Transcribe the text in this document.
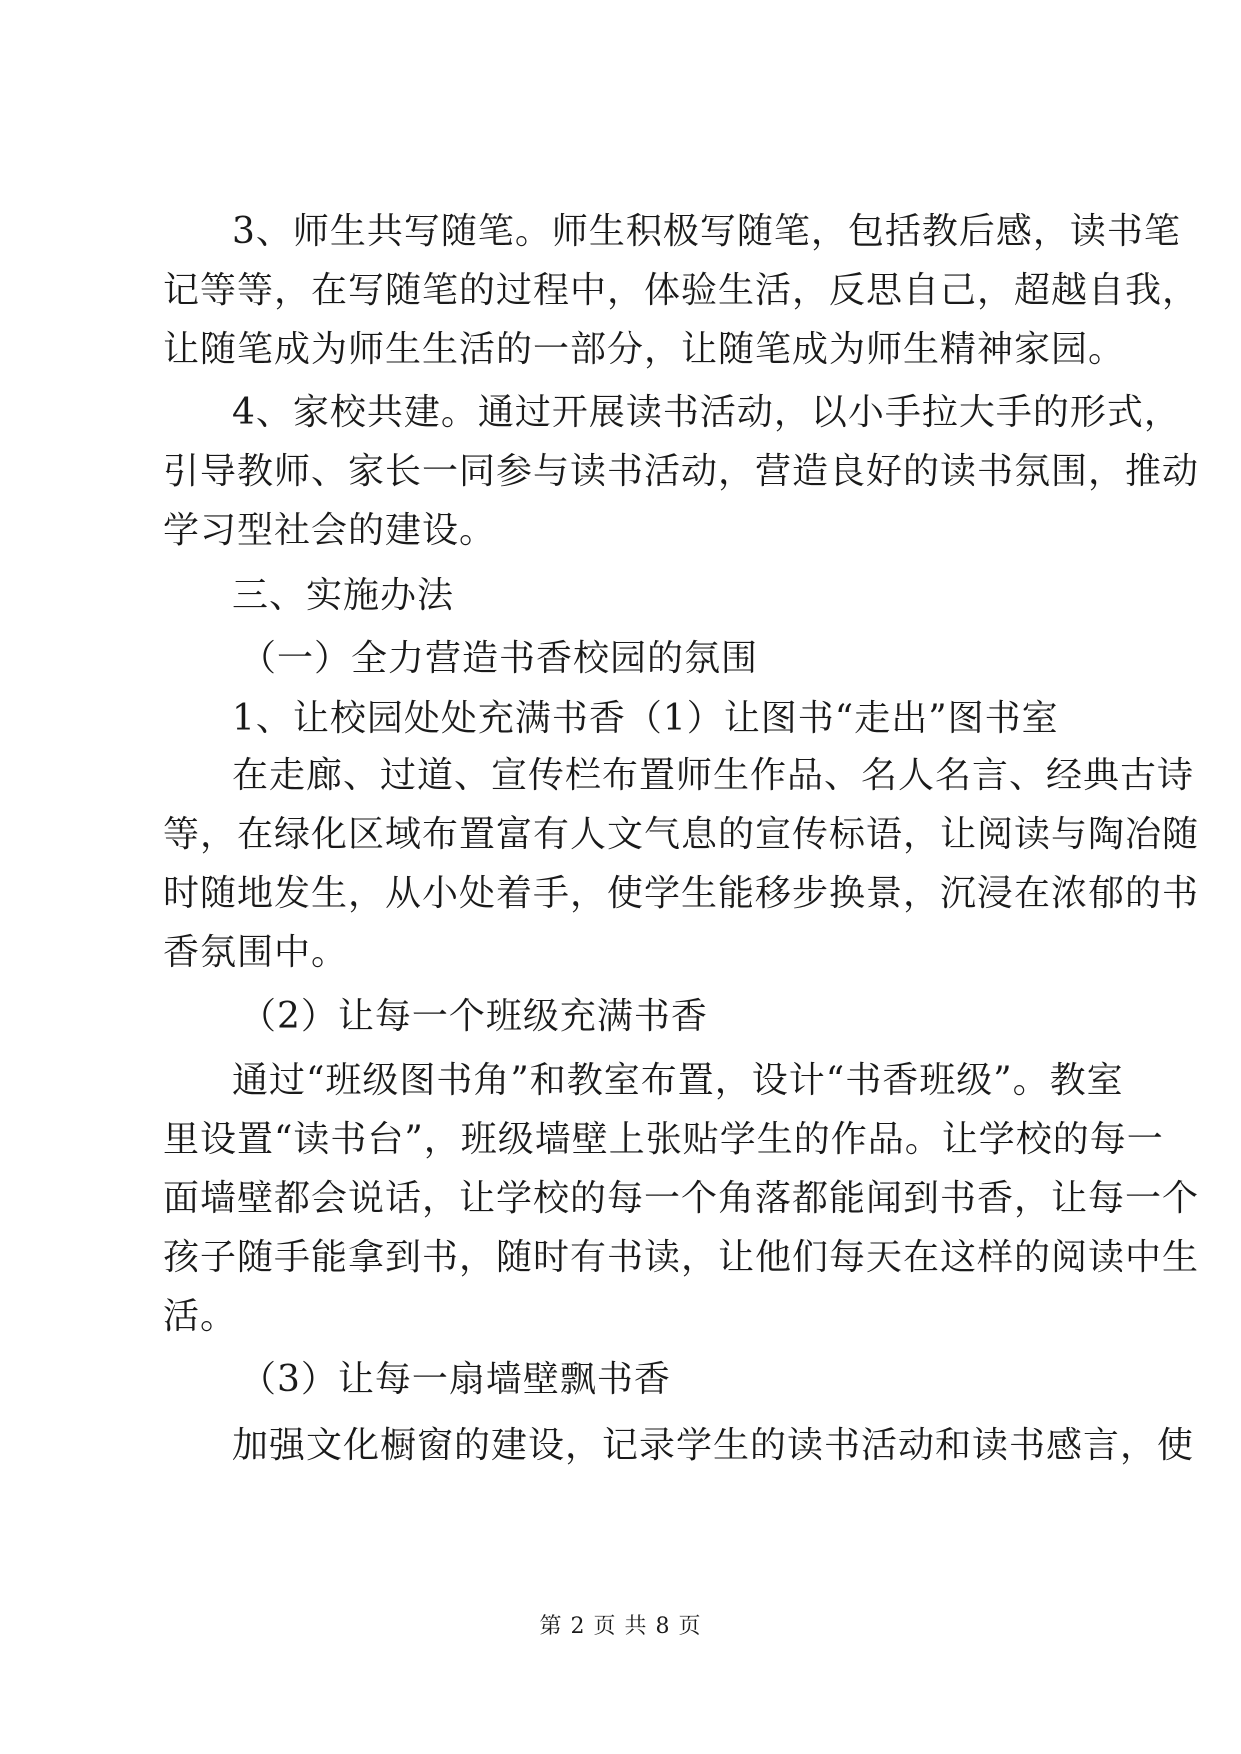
3、师生共写随笔。师生积极写随笔，包括教后感，读书笔
记等等，在写随笔的过程中，体验生活，反思自己，超越自我，
让随笔成为师生生活的一部分，让随笔成为师生精神家园。
4、家校共建。通过开展读书活动，以小手拉大手的形式，
引导教师、家长一同参与读书活动，营造良好的读书氛围，推动
学习型社会的建设。
三、实施办法
（一）全力营造书香校园的氛围
1、让校园处处充满书香（1）让图书“走出”图书室
在走廊、过道、宣传栏布置师生作品、名人名言、经典古诗
等，在绿化区域布置富有人文气息的宣传标语，让阅读与陶冶随
时随地发生，从小处着手，使学生能移步换景，沉浸在浓郁的书
香氛围中。
（2）让每一个班级充满书香
通过“班级图书角”和教室布置，设计“书香班级”。教室
里设置“读书台”，班级墙壁上张贴学生的作品。让学校的每一
面墙壁都会说话，让学校的每一个角落都能闻到书香，让每一个
孩子随手能拿到书，随时有书读，让他们每天在这样的阅读中生
活。
（3）让每一扇墙壁飘书香
加强文化橱窗的建设，记录学生的读书活动和读书感言，使
第 2 页 共 8 页
